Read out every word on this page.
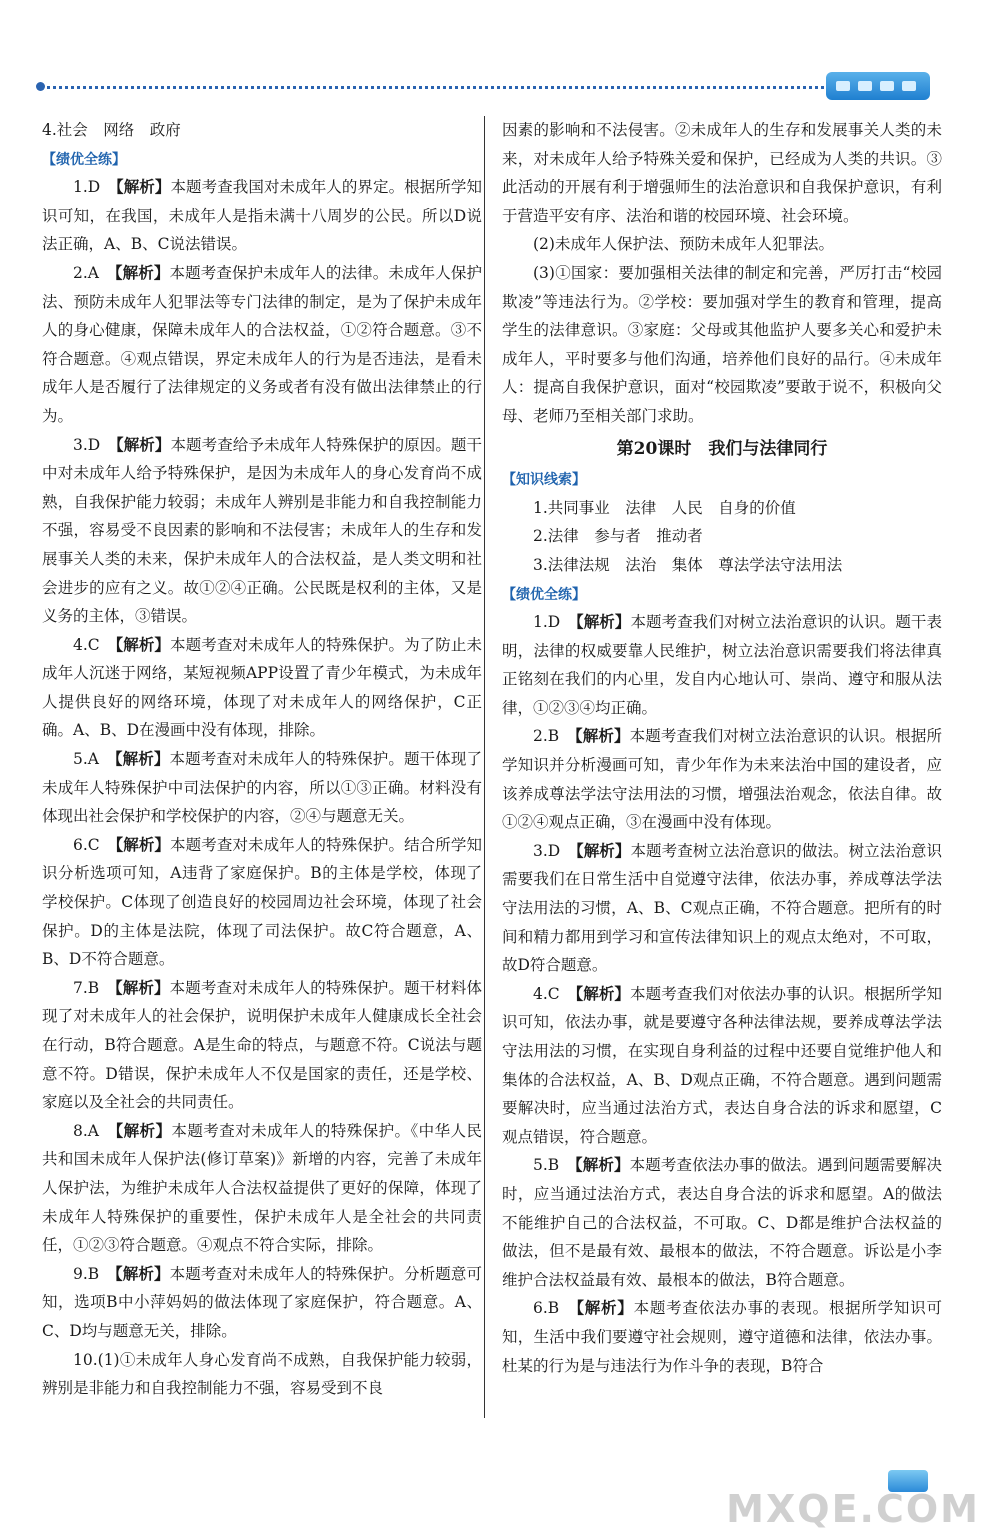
4.社会　网络　政府

【绩优全练】

1.D　【解析】本题考查我国对未成年人的界定。根据所学知识可知，在我国，未成年人是指未满十八周岁的公民。所以D说法正确，A、B、C说法错误。

2.A　【解析】本题考查保护未成年人的法律。未成年人保护法、预防未成年人犯罪法等专门法律的制定，是为了保护未成年人的身心健康，保障未成年人的合法权益，①②符合题意。③不符合题意。④观点错误，界定未成年人的行为是否违法，是看未成年人是否履行了法律规定的义务或者有没有做出法律禁止的行为。

3.D　【解析】本题考查给予未成年人特殊保护的原因。题干中对未成年人给予特殊保护，是因为未成年人的身心发育尚不成熟，自我保护能力较弱；未成年人辨别是非能力和自我控制能力不强，容易受不良因素的影响和不法侵害；未成年人的生存和发展事关人类的未来，保护未成年人的合法权益，是人类文明和社会进步的应有之义。故①②④正确。公民既是权利的主体，又是义务的主体，③错误。

4.C　【解析】本题考查对未成年人的特殊保护。为了防止未成年人沉迷于网络，某短视频APP设置了青少年模式，为未成年人提供良好的网络环境，体现了对未成年人的网络保护，C正确。A、B、D在漫画中没有体现，排除。

5.A　【解析】本题考查对未成年人的特殊保护。题干体现了未成年人特殊保护中司法保护的内容，所以①③正确。材料没有体现出社会保护和学校保护的内容，②④与题意无关。

6.C　【解析】本题考查对未成年人的特殊保护。结合所学知识分析选项可知，A违背了家庭保护。B的主体是学校，体现了学校保护。C体现了创造良好的校园周边社会环境，体现了社会保护。D的主体是法院，体现了司法保护。故C符合题意，A、B、D不符合题意。

7.B　【解析】本题考查对未成年人的特殊保护。题干材料体现了对未成年人的社会保护，说明保护未成年人健康成长全社会在行动，B符合题意。A是生命的特点，与题意不符。C说法与题意不符。D错误，保护未成年人不仅是国家的责任，还是学校、家庭以及全社会的共同责任。

8.A　【解析】本题考查对未成年人的特殊保护。《中华人民共和国未成年人保护法(修订草案)》新增的内容，完善了未成年人保护法，为维护未成年人合法权益提供了更好的保障，体现了未成年人特殊保护的重要性，保护未成年人是全社会的共同责任，①②③符合题意。④观点不符合实际，排除。

9.B　【解析】本题考查对未成年人的特殊保护。分析题意可知，选项B中小萍妈妈的做法体现了家庭保护，符合题意。A、C、D均与题意无关，排除。

10.(1)①未成年人身心发育尚不成熟，自我保护能力较弱，辨别是非能力和自我控制能力不强，容易受到不良

因素的影响和不法侵害。②未成年人的生存和发展事关人类的未来，对未成年人给予特殊关爱和保护，已经成为人类的共识。③此活动的开展有利于增强师生的法治意识和自我保护意识，有利于营造平安有序、法治和谐的校园环境、社会环境。

(2)未成年人保护法、预防未成年人犯罪法。

(3)①国家：要加强相关法律的制定和完善，严厉打击“校园欺凌”等违法行为。②学校：要加强对学生的教育和管理，提高学生的法律意识。③家庭：父母或其他监护人要多关心和爱护未成年人，平时要多与他们沟通，培养他们良好的品行。④未成年人：提高自我保护意识，面对“校园欺凌”要敢于说不，积极向父母、老师乃至相关部门求助。

第20课时　我们与法律同行

【知识线索】

1.共同事业　法律　人民　自身的价值

2.法律　参与者　推动者

3.法律法规　法治　集体　尊法学法守法用法

【绩优全练】

1.D　【解析】本题考查我们对树立法治意识的认识。题干表明，法律的权威要靠人民维护，树立法治意识需要我们将法律真正铭刻在我们的内心里，发自内心地认可、崇尚、遵守和服从法律，①②③④均正确。

2.B　【解析】本题考查我们对树立法治意识的认识。根据所学知识并分析漫画可知，青少年作为未来法治中国的建设者，应该养成尊法学法守法用法的习惯，增强法治观念，依法自律。故①②④观点正确，③在漫画中没有体现。

3.D　【解析】本题考查树立法治意识的做法。树立法治意识需要我们在日常生活中自觉遵守法律，依法办事，养成尊法学法守法用法的习惯，A、B、C观点正确，不符合题意。把所有的时间和精力都用到学习和宣传法律知识上的观点太绝对，不可取，故D符合题意。

4.C　【解析】本题考查我们对依法办事的认识。根据所学知识可知，依法办事，就是要遵守各种法律法规，要养成尊法学法守法用法的习惯，在实现自身利益的过程中还要自觉维护他人和集体的合法权益，A、B、D观点正确，不符合题意。遇到问题需要解决时，应当通过法治方式，表达自身合法的诉求和愿望，C观点错误，符合题意。

5.B　【解析】本题考查依法办事的做法。遇到问题需要解决时，应当通过法治方式，表达自身合法的诉求和愿望。A的做法不能维护自己的合法权益，不可取。C、D都是维护合法权益的做法，但不是最有效、最根本的做法，不符合题意。诉讼是小李维护合法权益最有效、最根本的做法，B符合题意。

6.B　【解析】本题考查依法办事的表现。根据所学知识可知，生活中我们要遵守社会规则，遵守道德和法律，依法办事。杜某的行为是与违法行为作斗争的表现，B符合

MXQE.COM
